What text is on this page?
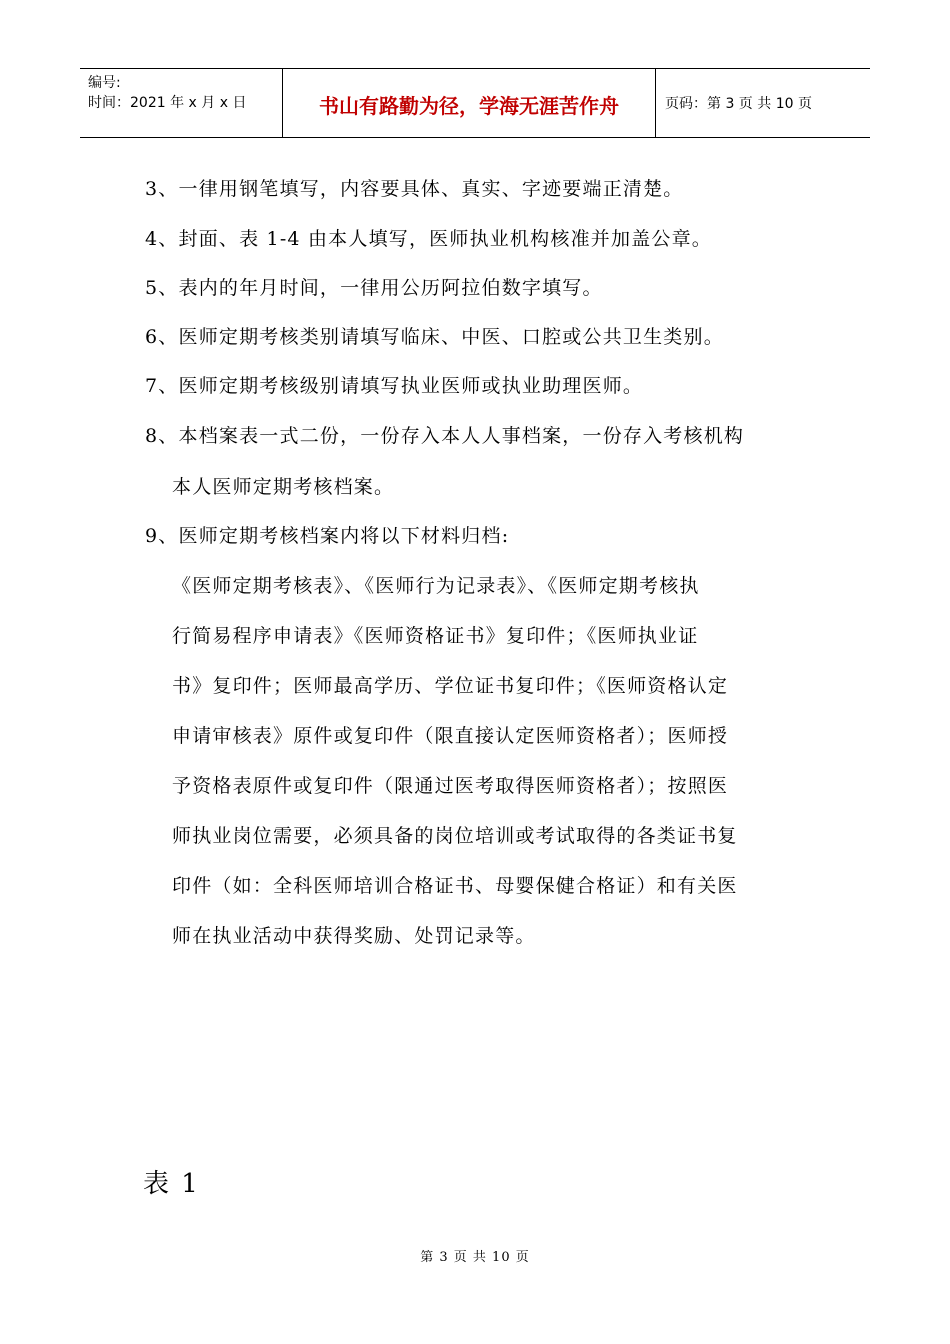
编号:
时间：2021 年 x 月 x 日	书山有路勤为径，学海无涯苦作舟	页码：第 3 页 共 10 页
3、一律用钢笔填写，内容要具体、真实、字迹要端正清楚。
4、封面、表 1-4 由本人填写，医师执业机构核准并加盖公章。
5、表内的年月时间，一律用公历阿拉伯数字填写。
6、医师定期考核类别请填写临床、中医、口腔或公共卫生类别。
7、医师定期考核级别请填写执业医师或执业助理医师。
8、本档案表一式二份，一份存入本人人事档案，一份存入考核机构
本人医师定期考核档案。
9、医师定期考核档案内将以下材料归档:
《医师定期考核表》、《医师行为记录表》、《医师定期考核执
行简易程序申请表》《医师资格证书》复印件；《医师执业证
书》复印件；医师最高学历、学位证书复印件；《医师资格认定
申请审核表》原件或复印件（限直接认定医师资格者）；医师授
予资格表原件或复印件（限通过医考取得医师资格者）；按照医
师执业岗位需要，必须具备的岗位培训或考试取得的各类证书复
印件（如：全科医师培训合格证书、母婴保健合格证）和有关医
师在执业活动中获得奖励、处罚记录等。
表 1
第 3 页 共 10 页
